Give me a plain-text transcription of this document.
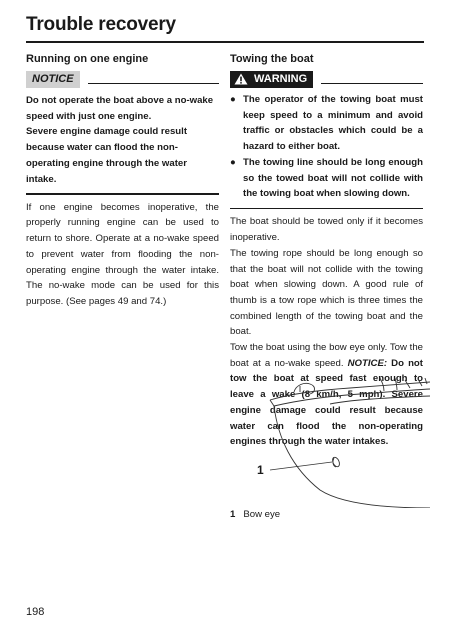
Trouble recovery
Running on one engine
NOTICE

Do not operate the boat above a no-wake speed with just one engine.

Severe engine damage could result because water can flood the non-operating engine through the water intake.

If one engine becomes inoperative, the properly running engine can be used to return to shore. Operate at a no-wake speed to prevent water from flooding the non-operating engine through the water intake. The no-wake mode can be used for this purpose. (See pages 49 and 74.)

Towing the boat
WARNING
● The operator of the towing boat must keep speed to a minimum and avoid traffic or obstacles which could be a hazard to either boat.
● The towing line should be long enough so the towed boat will not collide with the towing boat when slowing down.

The boat should be towed only if it becomes inoperative.

The towing rope should be long enough so that the boat will not collide with the towing boat when slowing down. A good rule of thumb is a tow rope which is three times the combined length of the towing boat and the boat.

Tow the boat using the bow eye only. Tow the boat at a no-wake speed. NOTICE: Do not tow the boat at speed fast enough to leave a wake (8 km/h, 5 mph). Severe engine damage could result because water can flood the non-operating engines through the water intakes.

1
1 Bow eye
198
